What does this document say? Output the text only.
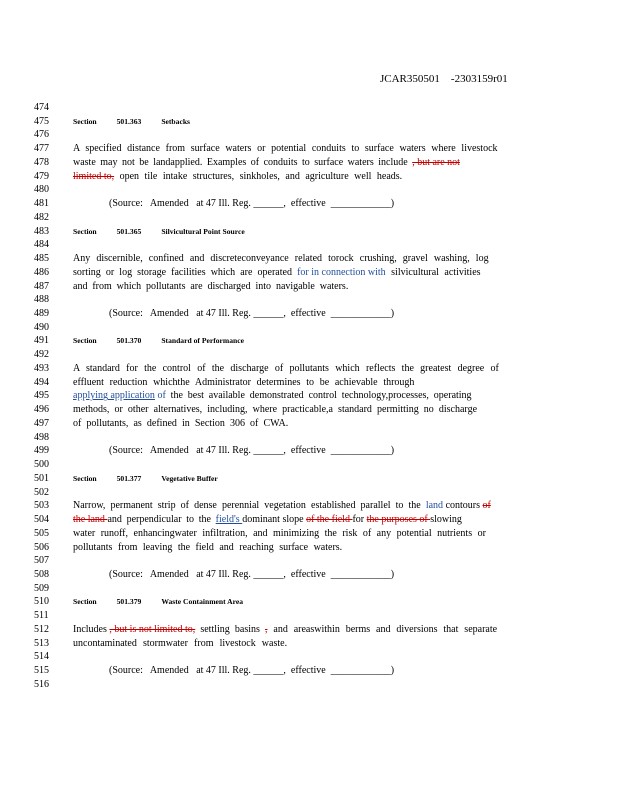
JCAR350501 -2303159r01
474
475
476
477
478
479
480
481
482
483
484
485
486
487
488
489
490
491
492
493
494
495
496
497
498
499
500
501
502
503
504
505
506
507
508
509
510
511
512
513
514
515
516
Section	501.363	Setbacks
A specified distance from surface waters or potential conduits to surface waters where livestock
waste may not be landapplied. Examples of conduits to surface waters include , but are not
limited to, open tile intake structures, sinkholes, and agriculture well heads.
(Source:   Amended   at 47 Ill. Reg. ______,  effective  ____________)
Section	501.365	Silvicultural Point Source
Any discernible, confined and discreteconveyance related torock crushing, gravel washing, log
sorting or log storage facilities which are operated for in connection with silvicultural activities
and from which pollutants are discharged into navigable waters.
(Source:   Amended   at 47 Ill. Reg. ______,  effective  ____________)
Section	501.370	Standard of Performance
A standard for the control of the discharge of pollutants which reflects the greatest degree of
effluent reduction whichthe Administrator determines to be achievable through
applying application of the best available demonstrated control technology,processes, operating
methods, or other alternatives, including, where practicable,a standard permitting no discharge
of pollutants, as defined in Section 306 of CWA.
(Source:   Amended   at 47 Ill. Reg. ______,  effective  ____________)
Section	501.377	Vegetative Buffer
Narrow, permanent strip of dense perennial vegetation established parallel to the land contours of
the land and perpendicular to the field's dominant slope of the field for the purposes of slowing
water runoff, enhancingwater infiltration, and minimizing the risk of any potential nutrients or
pollutants from leaving the field and reaching surface waters.
(Source:   Amended   at 47 Ill. Reg. ______,  effective  ____________)
Section	501.379	Waste Containment Area
Includes , but is not limited to, settling basins , and areaswithin berms and diversions that separate
uncontaminated stormwater from livestock waste.
(Source:   Amended   at 47 Ill. Reg. ______,  effective  ____________)
